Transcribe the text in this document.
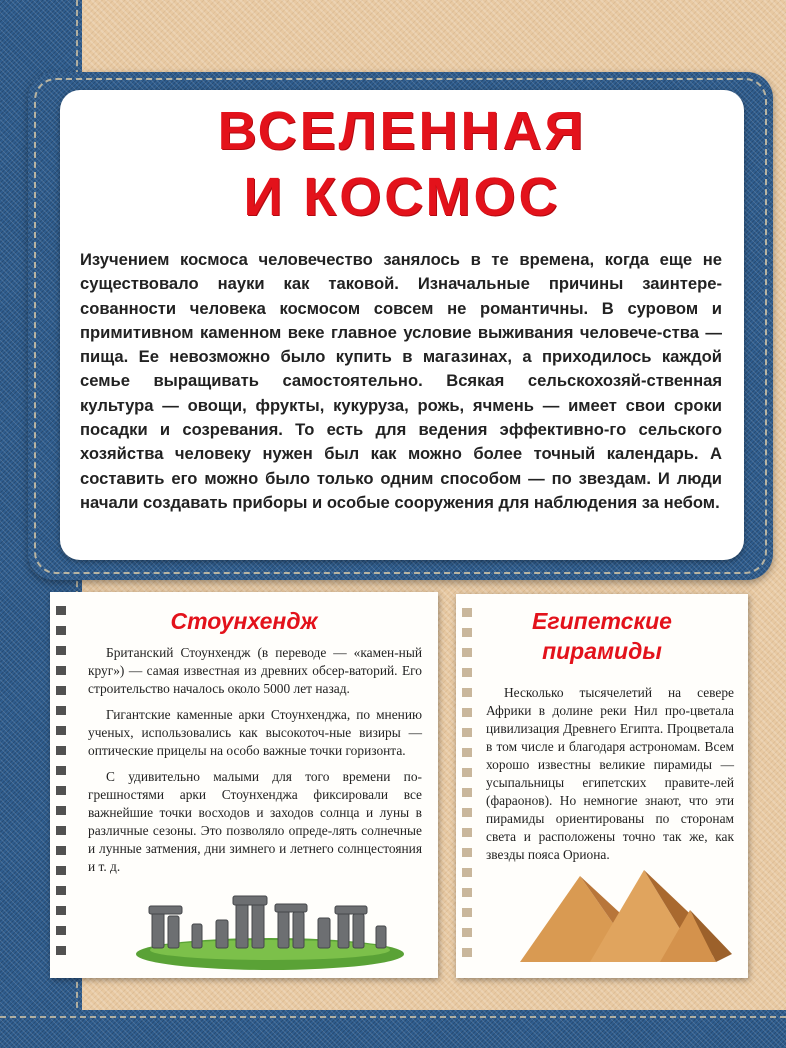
ВСЕЛЕННАЯ
И КОСМОС

Изучением космоса человечество занялось в те времена, когда еще не существовало науки как таковой. Изначальные причины заинтере-сованности человека космосом совсем не романтичны. В суровом и примитивном каменном веке главное условие выживания человече-ства — пища. Ее невозможно было купить в магазинах, а приходилось каждой семье выращивать самостоятельно. Всякая сельскохозяй-ственная культура — овощи, фрукты, кукуруза, рожь, ячмень — имеет свои сроки посадки и созревания. То есть для ведения эффективно-го сельского хозяйства человеку нужен был как можно более точный календарь. А составить его можно было только одним способом — по звездам. И люди начали создавать приборы и особые сооружения для наблюдения за небом.

Стоунхендж

Британский Стоунхендж (в переводе — «камен-ный круг») — самая известная из древних обсер-ваторий. Его строительство началось около 5000 лет назад.

Гигантские каменные арки Стоунхенджа, по мнению ученых, использовались как высокоточ-ные визиры — оптические прицелы на особо важные точки горизонта.

С удивительно малыми для того времени по-грешностями арки Стоунхенджа фиксировали все важнейшие точки восходов и заходов солнца и луны в различные сезоны. Это позволяло опреде-лять солнечные и лунные затмения, дни зимнего и летнего солнцестояния и т. д.

Египетские
пирамиды

Несколько тысячелетий на севере Африки в долине реки Нил про-цветала цивилизация Древнего Египта. Процветала в том числе и благодаря астрономам. Всем хорошо известны великие пирамиды — усыпальницы египетских правите-лей (фараонов). Но немногие знают, что эти пирамиды ориентированы по сторонам света и расположены точно так же, как звезды пояса Ориона.
